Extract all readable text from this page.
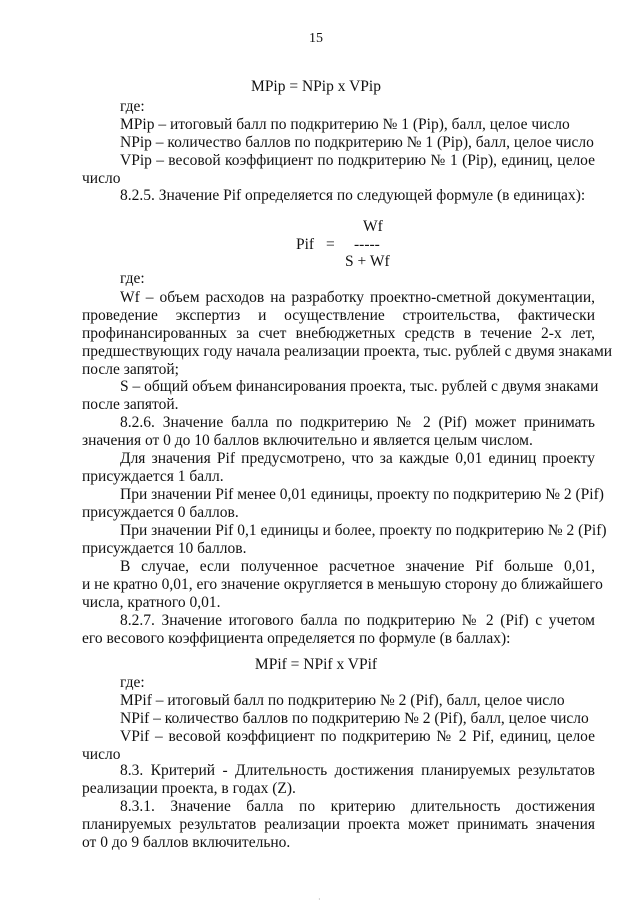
15
MPip = NPip x VPip
где:
MPip – итоговый балл по подкритерию № 1 (Pip), балл, целое число
NPip – количество баллов по подкритерию № 1 (Pip), балл, целое число
VPip – весовой коэффициент по подкритерию № 1 (Pip), единиц, целое
число
8.2.5. Значение Pif определяется по следующей формуле (в единицах):
Wf
Pif = -----
S + Wf
где:
Wf – объем расходов на разработку проектно-сметной документации,
проведение экспертиз и осуществление строительства, фактически
профинансированных за счет внебюджетных средств в течение 2-х лет,
предшествующих году начала реализации проекта, тыс. рублей с двумя знаками
после запятой;
S – общий объем финансирования проекта, тыс. рублей с двумя знаками
после запятой.
8.2.6. Значение балла по подкритерию № 2 (Pif) может принимать
значения от 0 до 10 баллов включительно и является целым числом.
Для значения Pif предусмотрено, что за каждые 0,01 единиц проекту
присуждается 1 балл.
При значении Pif менее 0,01 единицы, проекту по подкритерию № 2 (Pif)
присуждается 0 баллов.
При значении Pif 0,1 единицы и более, проекту по подкритерию № 2 (Pif)
присуждается 10 баллов.
В случае, если полученное расчетное значение Pif больше 0,01,
и не кратно 0,01, его значение округляется в меньшую сторону до ближайшего
числа, кратного 0,01.
8.2.7. Значение итогового балла по подкритерию № 2 (Pif) с учетом
его весового коэффициента определяется по формуле (в баллах):
MPif = NPif x VPif
где:
MPif – итоговый балл по подкритерию № 2 (Pif), балл, целое число
NPif – количество баллов по подкритерию № 2 (Pif), балл, целое число
VPif – весовой коэффициент по подкритерию № 2 Pif, единиц, целое
число
8.3. Критерий - Длительность достижения планируемых результатов
реализации проекта, в годах (Z).
8.3.1. Значение балла по критерию длительность достижения
планируемых результатов реализации проекта может принимать значения
от 0 до 9 баллов включительно.
·
